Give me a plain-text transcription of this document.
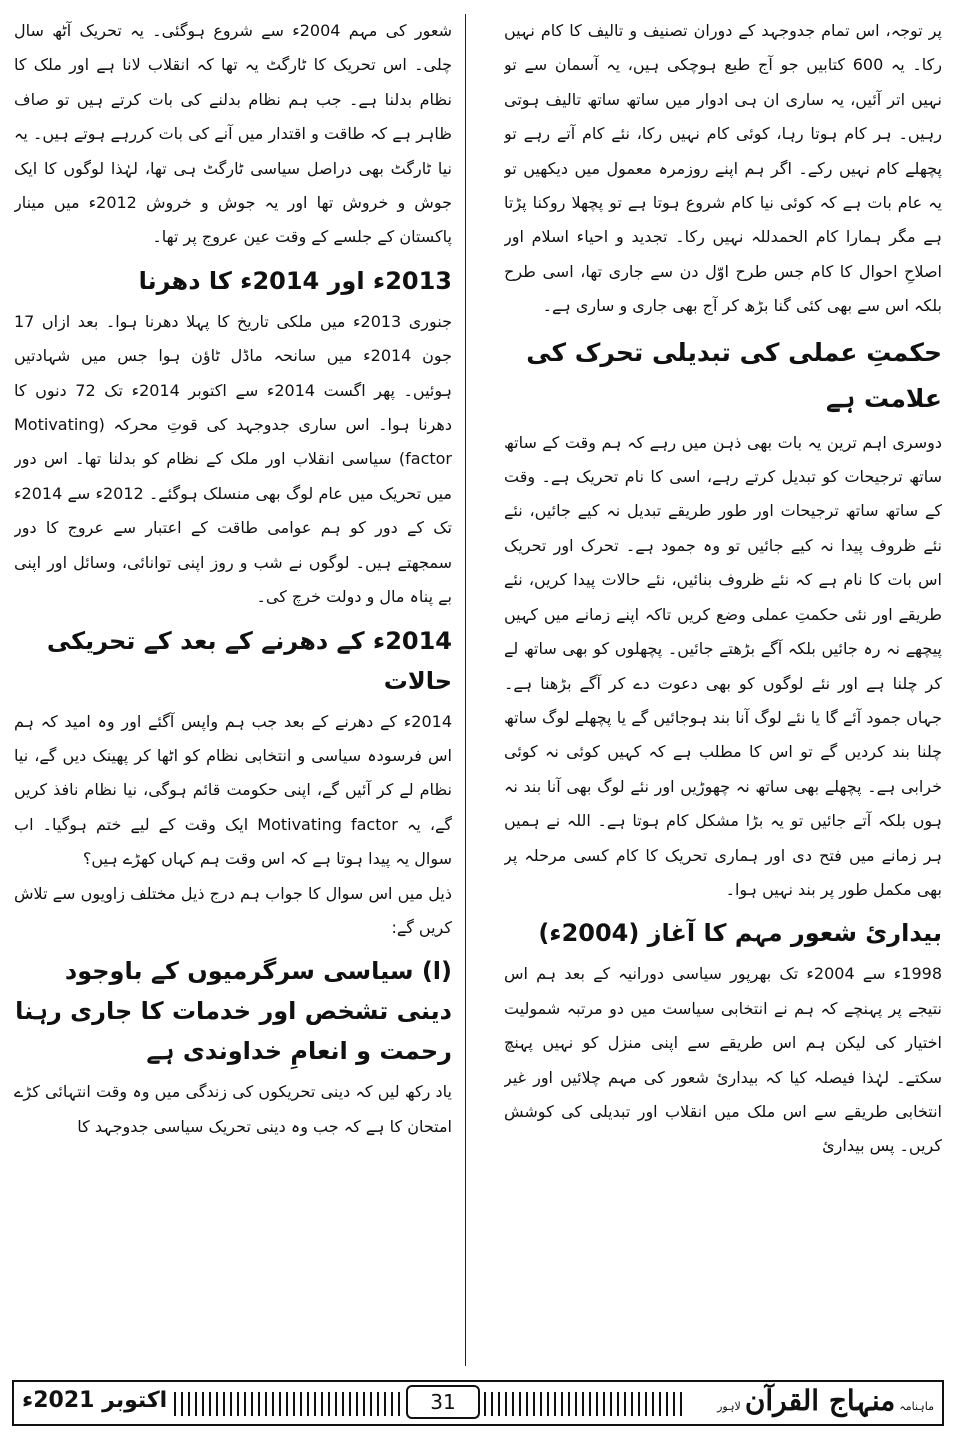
پر توجہ، اس تمام جدوجہد کے دوران تصنیف و تالیف کا کام نہیں رکا۔ یہ 600 کتابیں جو آج طبع ہوچکی ہیں، یہ آسمان سے تو نہیں اتر آئیں، یہ ساری ان ہی ادوار میں ساتھ ساتھ تالیف ہوتی رہیں۔ ہر کام ہوتا رہا، کوئی کام نہیں رکا، نئے کام آتے رہے تو پچھلے کام نہیں رکے۔ اگر ہم اپنے روزمرہ معمول میں دیکھیں تو یہ عام بات ہے کہ کوئی نیا کام شروع ہوتا ہے تو پچھلا روکنا پڑتا ہے مگر ہمارا کام الحمدللہ نہیں رکا۔ تجدید و احیاء اسلام اور اصلاحِ احوال کا کام جس طرح اوّل دن سے جاری تھا، اسی طرح بلکہ اس سے بھی کئی گنا بڑھ کر آج بھی جاری و ساری ہے۔

حکمتِ عملی کی تبدیلی تحرک کی علامت ہے

دوسری اہم ترین یہ بات بھی ذہن میں رہے کہ ہم وقت کے ساتھ ساتھ ترجیحات کو تبدیل کرتے رہے، اسی کا نام تحریک ہے۔ وقت کے ساتھ ساتھ ترجیحات اور طور طریقے تبدیل نہ کیے جائیں، نئے نئے ظروف پیدا نہ کیے جائیں تو وہ جمود ہے۔ تحرک اور تحریک اس بات کا نام ہے کہ نئے ظروف بنائیں، نئے حالات پیدا کریں، نئے طریقے اور نئی حکمتِ عملی وضع کریں تاکہ اپنے زمانے میں کہیں پیچھے نہ رہ جائیں بلکہ آگے بڑھتے جائیں۔ پچھلوں کو بھی ساتھ لے کر چلنا ہے اور نئے لوگوں کو بھی دعوت دے کر آگے بڑھنا ہے۔ جہاں جمود آئے گا یا نئے لوگ آنا بند ہوجائیں گے یا پچھلے لوگ ساتھ چلنا بند کردیں گے تو اس کا مطلب ہے کہ کہیں کوئی نہ کوئی خرابی ہے۔ پچھلے بھی ساتھ نہ چھوڑیں اور نئے لوگ بھی آنا بند نہ ہوں بلکہ آتے جائیں تو یہ بڑا مشکل کام ہوتا ہے۔ اللہ نے ہمیں ہر زمانے میں فتح دی اور ہماری تحریک کا کام کسی مرحلہ پر بھی مکمل طور پر بند نہیں ہوا۔

بیداریٔ شعور مہم کا آغاز (2004ء)

1998ء سے 2004ء تک بھرپور سیاسی دورانیہ کے بعد ہم اس نتیجے پر پہنچے کہ ہم نے انتخابی سیاست میں دو مرتبہ شمولیت اختیار کی لیکن ہم اس طریقے سے اپنی منزل کو نہیں پہنچ سکتے۔ لہٰذا فیصلہ کیا کہ بیداریٔ شعور کی مہم چلائیں اور غیر انتخابی طریقے سے اس ملک میں انقلاب اور تبدیلی کی کوشش کریں۔ پس بیداریٔ

شعور کی مہم 2004ء سے شروع ہوگئی۔ یہ تحریک آٹھ سال چلی۔ اس تحریک کا ٹارگٹ یہ تھا کہ انقلاب لانا ہے اور ملک کا نظام بدلنا ہے۔ جب ہم نظام بدلنے کی بات کرتے ہیں تو صاف ظاہر ہے کہ طاقت و اقتدار میں آنے کی بات کررہے ہوتے ہیں۔ یہ نیا ٹارگٹ بھی دراصل سیاسی ٹارگٹ ہی تھا، لہٰذا لوگوں کا ایک جوش و خروش تھا اور یہ جوش و خروش 2012ء میں مینار پاکستان کے جلسے کے وقت عین عروج پر تھا۔

2013ء اور 2014ء کا دھرنا

جنوری 2013ء میں ملکی تاریخ کا پہلا دھرنا ہوا۔ بعد ازاں 17 جون 2014ء میں سانحہ ماڈل ٹاؤن ہوا جس میں شہادتیں ہوئیں۔ پھر اگست 2014ء سے اکتوبر 2014ء تک 72 دنوں کا دھرنا ہوا۔ اس ساری جدوجہد کی قوتِ محرکہ (Motivating factor) سیاسی انقلاب اور ملک کے نظام کو بدلنا تھا۔ اس دور میں تحریک میں عام لوگ بھی منسلک ہوگئے۔ 2012ء سے 2014ء تک کے دور کو ہم عوامی طاقت کے اعتبار سے عروج کا دور سمجھتے ہیں۔ لوگوں نے شب و روز اپنی توانائی، وسائل اور اپنی بے پناہ مال و دولت خرچ کی۔

2014ء کے دھرنے کے بعد کے تحریکی حالات

2014ء کے دھرنے کے بعد جب ہم واپس آگئے اور وہ امید کہ ہم اس فرسودہ سیاسی و انتخابی نظام کو اٹھا کر پھینک دیں گے، نیا نظام لے کر آئیں گے، اپنی حکومت قائم ہوگی، نیا نظام نافذ کریں گے، یہ Motivating factor ایک وقت کے لیے ختم ہوگیا۔ اب سوال یہ پیدا ہوتا ہے کہ اس وقت ہم کہاں کھڑے ہیں؟

ذیل میں اس سوال کا جواب ہم درج ذیل مختلف زاویوں سے تلاش کریں گے:

(ا) سیاسی سرگرمیوں کے باوجود دینی تشخص اور خدمات کا جاری رہنا رحمت و انعامِ خداوندی ہے

یاد رکھ لیں کہ دینی تحریکوں کی زندگی میں وہ وقت انتہائی کڑے امتحان کا ہے کہ جب وہ دینی تحریک سیاسی جدوجہد کا

اکتوبر 2021ء	31	ماہنامہ
منہاج القرآن
لاہور
